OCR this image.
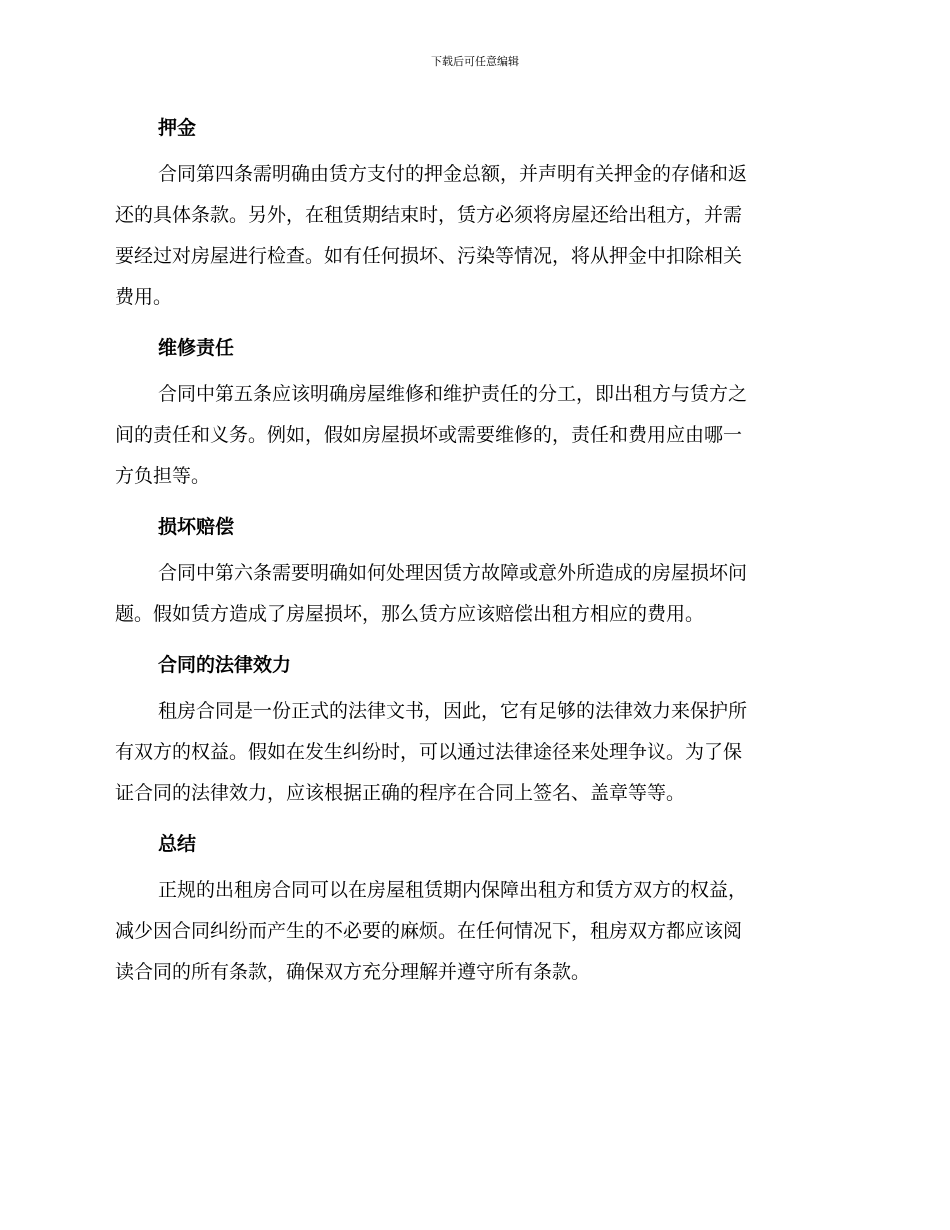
下载后可任意编辑
押金

合同第四条需明确由赁方支付的押金总额，并声明有关押金的存储和返
还的具体条款。另外，在租赁期结束时，赁方必须将房屋还给出租方，并需
要经过对房屋进行检查。如有任何损坏、污染等情况，将从押金中扣除相关
费用。

维修责任

合同中第五条应该明确房屋维修和维护责任的分工，即出租方与赁方之
间的责任和义务。例如，假如房屋损坏或需要维修的，责任和费用应由哪一
方负担等。

损坏赔偿

合同中第六条需要明确如何处理因赁方故障或意外所造成的房屋损坏问
题。假如赁方造成了房屋损坏，那么赁方应该赔偿出租方相应的费用。

合同的法律效力

租房合同是一份正式的法律文书，因此，它有足够的法律效力来保护所
有双方的权益。假如在发生纠纷时，可以通过法律途径来处理争议。为了保
证合同的法律效力，应该根据正确的程序在合同上签名、盖章等等。

总结

正规的出租房合同可以在房屋租赁期内保障出租方和赁方双方的权益，
减少因合同纠纷而产生的不必要的麻烦。在任何情况下，租房双方都应该阅
读合同的所有条款，确保双方充分理解并遵守所有条款。
